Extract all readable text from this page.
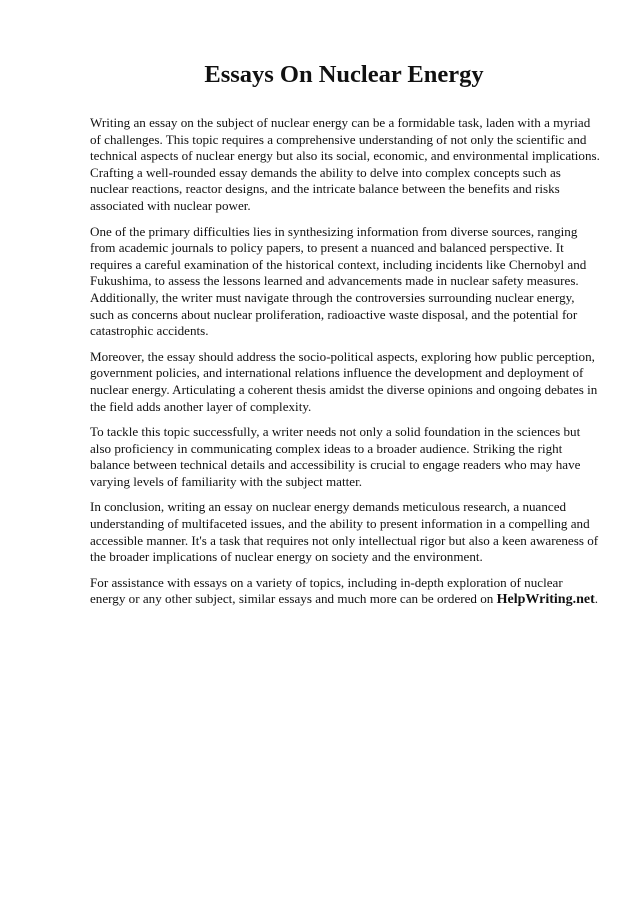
Essays On Nuclear Energy

Writing an essay on the subject of nuclear energy can be a formidable task, laden with a myriad of challenges. This topic requires a comprehensive understanding of not only the scientific and technical aspects of nuclear energy but also its social, economic, and environmental implications. Crafting a well-rounded essay demands the ability to delve into complex concepts such as nuclear reactions, reactor designs, and the intricate balance between the benefits and risks associated with nuclear power.

One of the primary difficulties lies in synthesizing information from diverse sources, ranging from academic journals to policy papers, to present a nuanced and balanced perspective. It requires a careful examination of the historical context, including incidents like Chernobyl and Fukushima, to assess the lessons learned and advancements made in nuclear safety measures. Additionally, the writer must navigate through the controversies surrounding nuclear energy, such as concerns about nuclear proliferation, radioactive waste disposal, and the potential for catastrophic accidents.

Moreover, the essay should address the socio-political aspects, exploring how public perception, government policies, and international relations influence the development and deployment of nuclear energy. Articulating a coherent thesis amidst the diverse opinions and ongoing debates in the field adds another layer of complexity.

To tackle this topic successfully, a writer needs not only a solid foundation in the sciences but also proficiency in communicating complex ideas to a broader audience. Striking the right balance between technical details and accessibility is crucial to engage readers who may have varying levels of familiarity with the subject matter.

In conclusion, writing an essay on nuclear energy demands meticulous research, a nuanced understanding of multifaceted issues, and the ability to present information in a compelling and accessible manner. It's a task that requires not only intellectual rigor but also a keen awareness of the broader implications of nuclear energy on society and the environment.

For assistance with essays on a variety of topics, including in-depth exploration of nuclear energy or any other subject, similar essays and much more can be ordered on HelpWriting.net.
